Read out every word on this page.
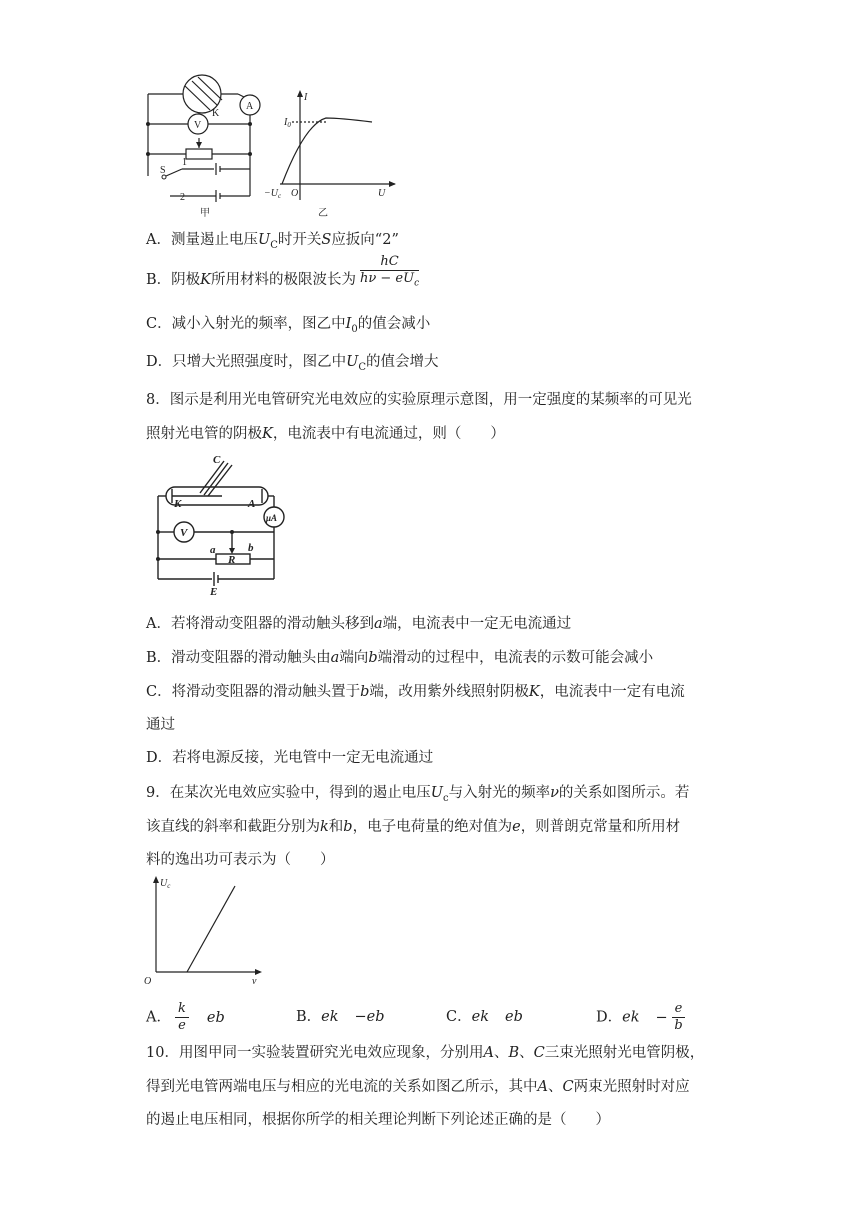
K
A
V
S
1
2
甲	乙
I
$I_0$
O	U
$-U_c$
A．测量遏止电压$U_C$时开关S应扳向“2”
B．阴极K所用材料的极限波长为 $\frac{hC}{h\nu - eU_c}$
C．减小入射光的频率，图乙中$I_0$的值会减小
D．只增大光照强度时，图乙中$U_C$的值会增大
8．图示是利用光电管研究光电效应的实验原理示意图，用一定强度的某频率的可见光
照射光电管的阴极K，电流表中有电流通过，则（　　）
C
K	A
μA
V
a	b
R
E
A．若将滑动变阻器的滑动触头移到a端，电流表中一定无电流通过
B．滑动变阻器的滑动触头由a端向b端滑动的过程中，电流表的示数可能会减小
C．将滑动变阻器的滑动触头置于b端，改用紫外线照射阴极K，电流表中一定有电流
通过
D．若将电源反接，光电管中一定无电流通过
9．在某次光电效应实验中，得到的遏止电压$U_c$与入射光的频率ν的关系如图所示。若
该直线的斜率和截距分别为k和b，电子电荷量的绝对值为e，则普朗克常量和所用材
料的逸出功可表示为（　　）
$U_c$
O	ν
A． $\frac{k}{e}$ eb	B．ek −eb	C．ek eb	D．ek − $\frac{e}{b}$
10．用图甲同一实验装置研究光电效应现象，分别用A、B、C三束光照射光电管阴极，
得到光电管两端电压与相应的光电流的关系如图乙所示，其中A、C两束光照射时对应
的遏止电压相同，根据你所学的相关理论判断下列论述正确的是（　　）
